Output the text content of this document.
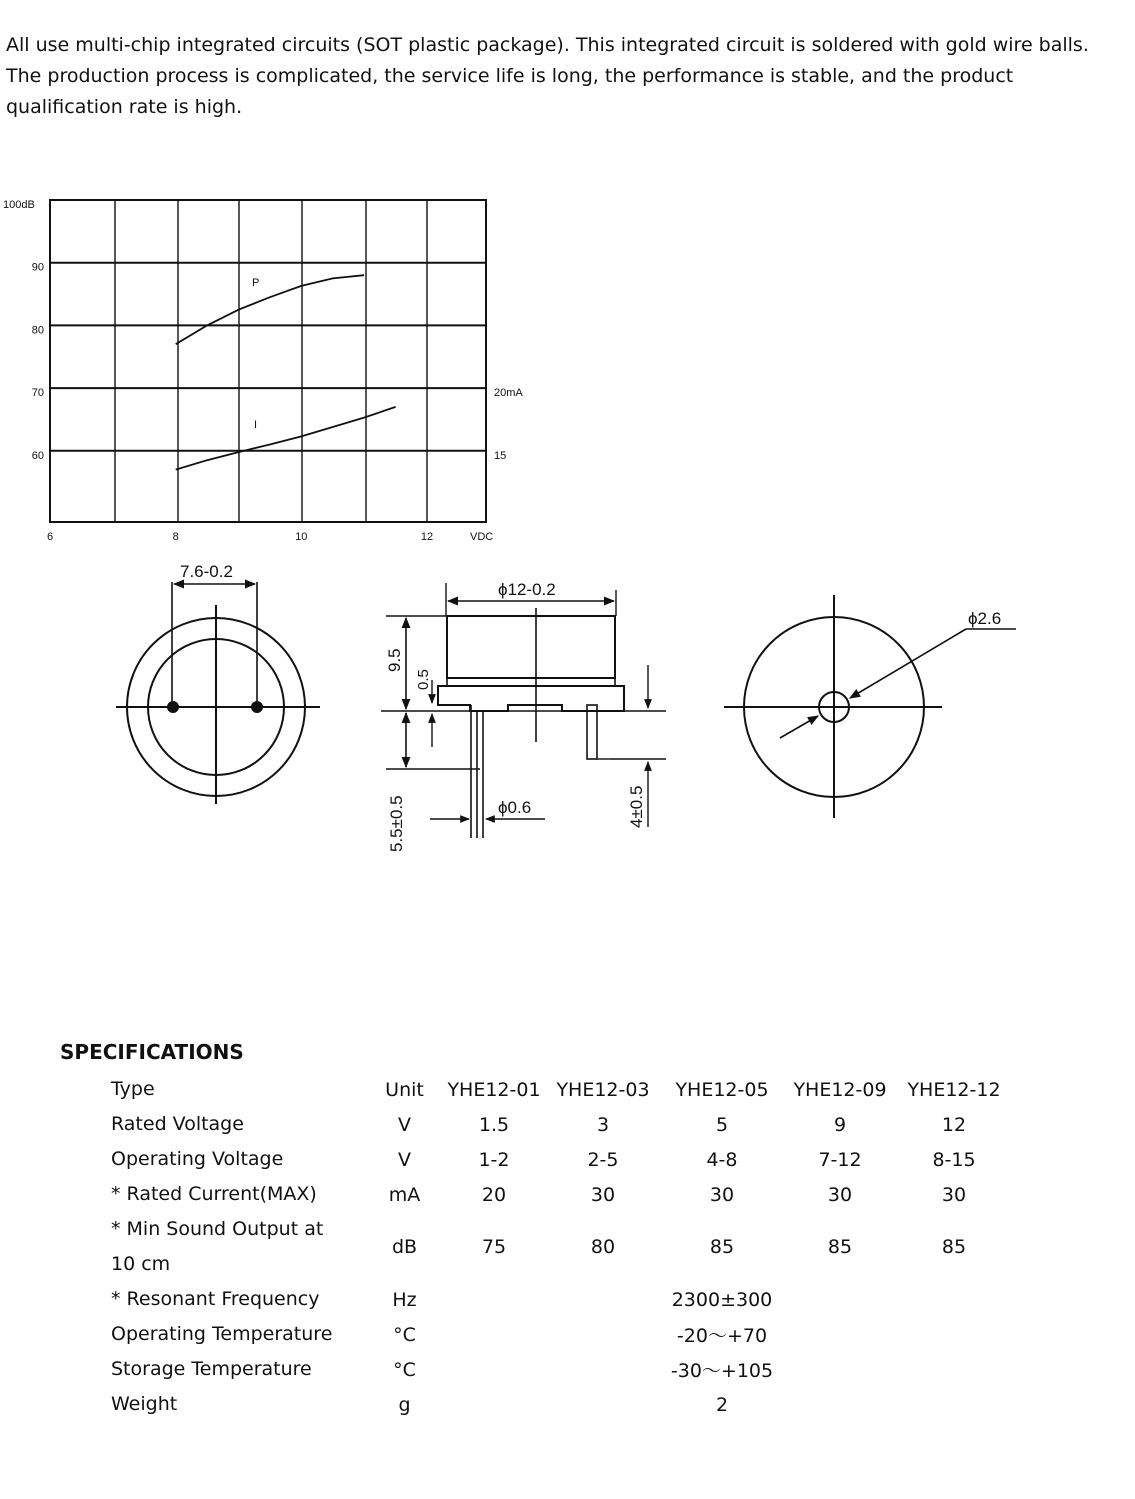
All use multi-chip integrated circuits (SOT plastic package). This integrated circuit is soldered with gold wire balls. The production process is complicated, the service life is long, the performance is stable, and the product qualification rate is high.

100dB
90
80
70
60
20mA
15
6	8	10	12	VDC
P
I
7.6-0.2
ϕ12-0.2
9.5
0.5
5.5±0.5	ϕ0.6	4±0.5
ϕ2.6
SPECIFICATIONS
Type	Unit	YHE12-01	YHE12-03	YHE12-05	YHE12-09	YHE12-12
Rated Voltage	V	1.5	3	5	9	12
Operating Voltage	V	1-2	2-5	4-8	7-12	8-15
* Rated Current(MAX)	mA	20	30	30	30	30
* Min Sound Output at
10 cm	dB	75	80	85	85	85
* Resonant Frequency	Hz			2300±300		
Operating Temperature	°C			-20～+70		
Storage Temperature	°C			-30～+105		
Weight	g			2		
